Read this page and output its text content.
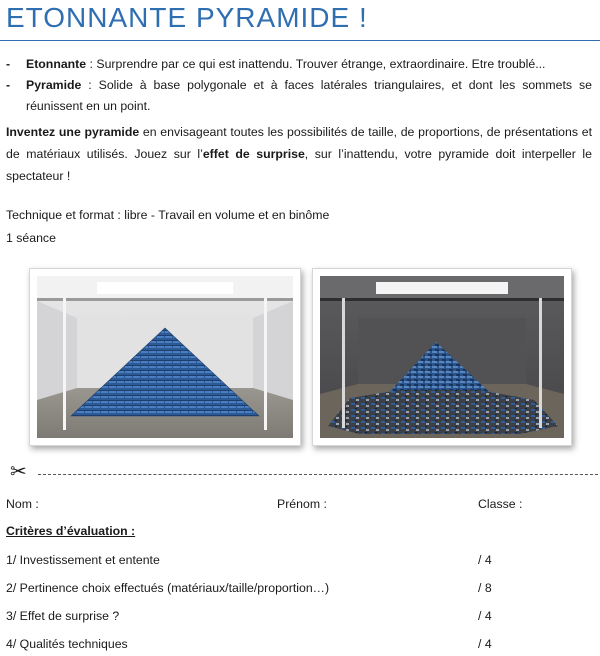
ETONNANTE PYRAMIDE !
-	Etonnante : Surprendre par ce qui est inattendu. Trouver étrange, extraordinaire. Etre troublé...
-	Pyramide : Solide à base polygonale et à faces latérales triangulaires, et dont les sommets se réunissent en un point.
Inventez une pyramide en envisageant toutes les possibilités de taille, de proportions, de présentations et de matériaux utilisés. Jouez sur l’effet de surprise, sur l’inattendu, votre pyramide doit interpeller le spectateur !
Technique et format : libre - Travail en volume et en binôme
1 séance
✂
Nom :	Prénom :	Classe :
Critères d’évaluation :
1/ Investissement et entente	/ 4
2/ Pertinence choix effectués (matériaux/taille/proportion…)	/ 8
3/ Effet de surprise ?	/ 4
4/ Qualités techniques	/ 4
